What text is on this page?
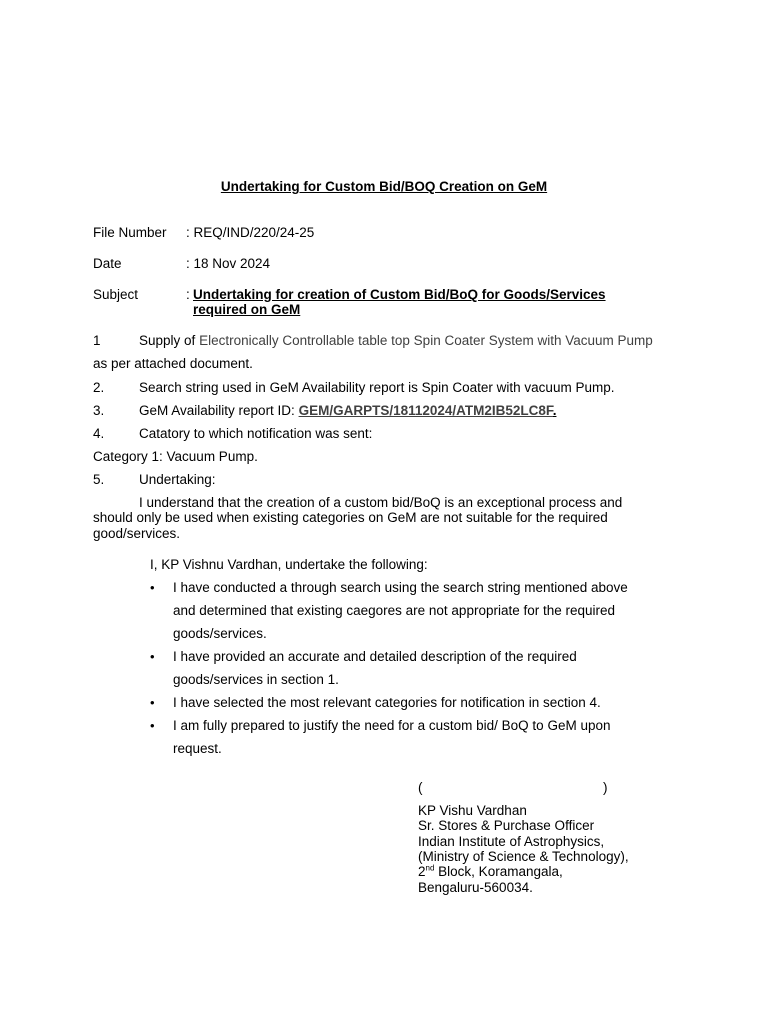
Undertaking for Custom Bid/BOQ Creation on GeM
File Number : REQ/IND/220/24-25
Date	: 18 Nov 2024
Subject	: Undertaking for creation of Custom Bid/BoQ for Goods/Services
required on GeM
1	Supply of Electronically Controllable table top Spin Coater System with Vacuum Pump
as per attached document.
2.	Search string used in GeM Availability report is Spin Coater with vacuum Pump.
3.	GeM Availability report ID: GEM/GARPTS/18112024/ATM2IB52LC8F.
4.	Catatory to which notification was sent:
Category 1: Vacuum Pump.
5.	Undertaking:
I understand that the creation of a custom bid/BoQ is an exceptional process and
should only be used when existing categories on GeM are not suitable for the required
good/services.
I, KP Vishnu Vardhan, undertake the following:
• I have conducted a through search using the search string mentioned above
and determined that existing caegores are not appropriate for the required
goods/services.
• I have provided an accurate and detailed description of the required
goods/services in section 1.
• I have selected the most relevant categories for notification in section 4.
• I am fully prepared to justify the need for a custom bid/ BoQ to GeM upon
request.
(	)
KP Vishu Vardhan
Sr. Stores & Purchase Officer
Indian Institute of Astrophysics,
(Ministry of Science & Technology),
2nd Block, Koramangala,
Bengaluru-560034.
